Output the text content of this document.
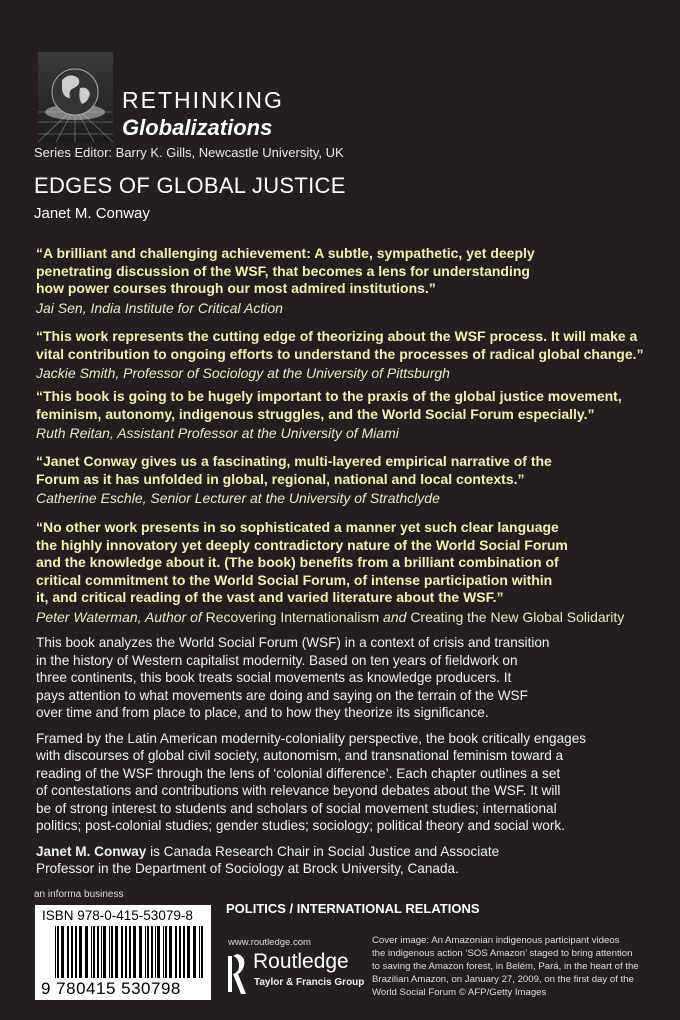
RETHINKING
Globalizations
Series Editor: Barry K. Gills, Newcastle University, UK
EDGES OF GLOBAL JUSTICE
Janet M. Conway
“A brilliant and challenging achievement: A subtle, sympathetic, yet deeply
penetrating discussion of the WSF, that becomes a lens for understanding
how power courses through our most admired institutions.”
Jai Sen, India Institute for Critical Action
“This work represents the cutting edge of theorizing about the WSF process. It will make a
vital contribution to ongoing efforts to understand the processes of radical global change.”
Jackie Smith, Professor of Sociology at the University of Pittsburgh
“This book is going to be hugely important to the praxis of the global justice movement,
feminism, autonomy, indigenous struggles, and the World Social Forum especially.”
Ruth Reitan, Assistant Professor at the University of Miami
“Janet Conway gives us a fascinating, multi-layered empirical narrative of the
Forum as it has unfolded in global, regional, national and local contexts.”
Catherine Eschle, Senior Lecturer at the University of Strathclyde
“No other work presents in so sophisticated a manner yet such clear language
the highly innovatory yet deeply contradictory nature of the World Social Forum
and the knowledge about it. (The book) benefits from a brilliant combination of
critical commitment to the World Social Forum, of intense participation within
it, and critical reading of the vast and varied literature about the WSF.”
Peter Waterman, Author of Recovering Internationalism and Creating the New Global Solidarity
This book analyzes the World Social Forum (WSF) in a context of crisis and transition
in the history of Western capitalist modernity. Based on ten years of fieldwork on
three continents, this book treats social movements as knowledge producers. It
pays attention to what movements are doing and saying on the terrain of the WSF
over time and from place to place, and to how they theorize its significance.
Framed by the Latin American modernity-coloniality perspective, the book critically engages
with discourses of global civil society, autonomism, and transnational feminism toward a
reading of the WSF through the lens of ‘colonial difference’. Each chapter outlines a set
of contestations and contributions with relevance beyond debates about the WSF. It will
be of strong interest to students and scholars of social movement studies; international
politics; post-colonial studies; gender studies; sociology; political theory and social work.
Janet M. Conway is Canada Research Chair in Social Justice and Associate
Professor in the Department of Sociology at Brock University, Canada.
an informa business
ISBN 978-0-415-53079-8
9 780415 530798
POLITICS / INTERNATIONAL RELATIONS
www.routledge.com
Routledge
Taylor & Francis Group
Cover image: An Amazonian indigenous participant videos
the indigenous action ‘SOS Amazon’ staged to bring attention
to saving the Amazon forest, in Belém, Pará, in the heart of the
Brazilian Amazon, on January 27, 2009, on the first day of the
World Social Forum © AFP/Getty Images
